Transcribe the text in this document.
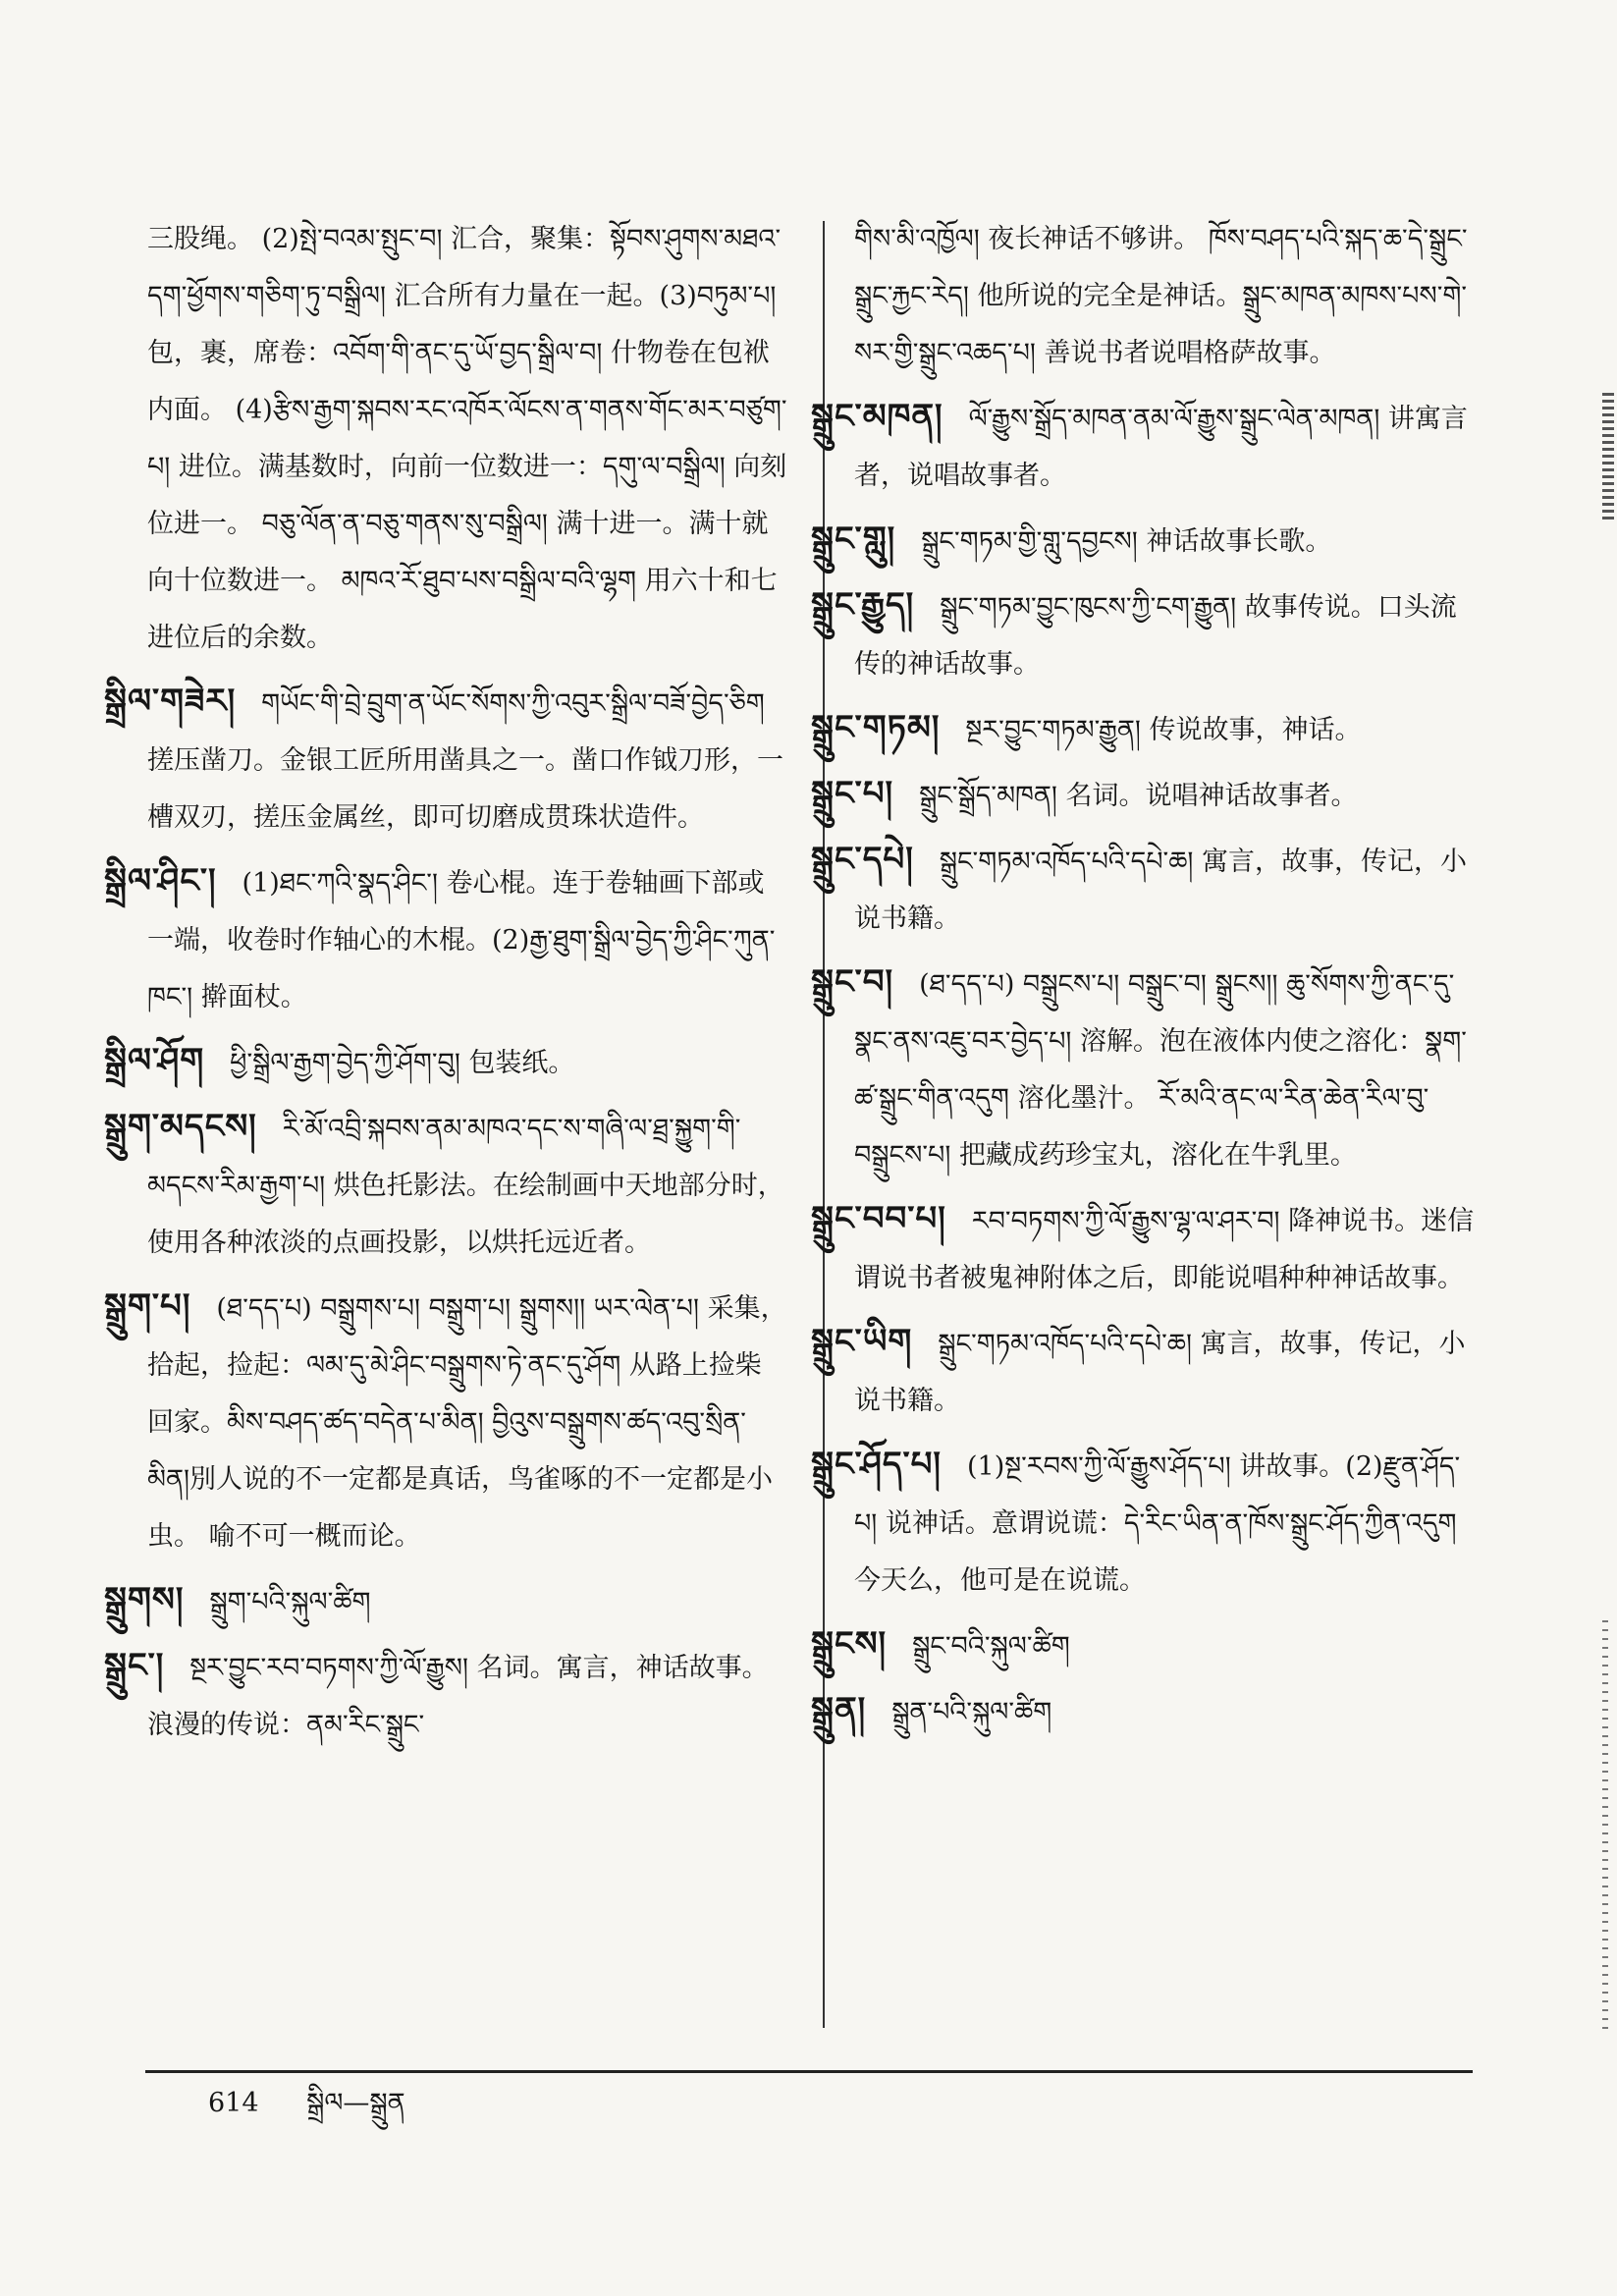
三股绳。 (2)སྤེ་བའམ་སྤུང་བ། 汇合，聚集：སྟོབས་ཤུགས་མཐའ་དག་ཕྱོགས་གཅིག་ཏུ་བསྒྲིལ། 汇合所有力量在一起。(3)བཏུམ་པ། 包，裹，席卷：འབོག་གི་ནང་དུ་ཡོ་བྱད་སྒྲིལ་བ། 什物卷在包袱内面。 (4)རྩིས་རྒྱག་སྐབས་རང་འཁོར་ལོངས་ན་གནས་གོང་མར་བཙུག་པ། 进位。满基数时，向前一位数进一：དགུ་ལ་བསྒྲིལ། 向刻位进一。 བཅུ་ལོན་ན་བཅུ་གནས་སུ་བསྒྲིལ། 满十进一。满十就向十位数进一。 མཁའ་རོ་ཐུབ་པས་བསྒྲིལ་བའི་ལྷག 用六十和七进位后的余数。

སྒྲིལ་གཟེར། གཡོང་གི་བྲེ་བྲུག་ན་ཡོང་སོགས་ཀྱི་འབུར་སྒྲིལ་བཟོ་བྱེད་ཅིག 搓压凿刀。金银工匠所用凿具之一。凿口作钺刀形，一槽双刃，搓压金属丝，即可切磨成贯珠状造件。

སྒྲིལ་ཤིང་། (1)ཐང་ཀའི་སྣད་ཤིང་། 卷心棍。连于卷轴画下部或一端，收卷时作轴心的木棍。(2)རྒྱ་ཐུག་སྒྲིལ་བྱེད་ཀྱི་ཤིང་ཀུན་ཁང་། 擀面杖。

སྒྲིལ་ཤོག ཕྱི་སྒྲིལ་རྒྱག་བྱེད་ཀྱི་ཤོག་བུ། 包装纸。

སྒྲུག་མདངས། རི་མོ་འབྲི་སྐབས་ནམ་མཁའ་དང་ས་གཞི་ལ་ཐྲ་སྐྱུག་གི་མདངས་རིམ་རྒྱག་པ། 烘色托影法。在绘制画中天地部分时，使用各种浓淡的点画投影，以烘托远近者。

སྒྲུག་པ། (ཐ་དད་པ) བསྒྲུགས་པ། བསྒྲུག་པ། སྒྲུགས།། ཡར་ལེན་པ། 采集，拾起，捡起：ལམ་དུ་མེ་ཤིང་བསྒྲུགས་ཏེ་ནང་དུ་ཤོག 从路上捡柴回家。མིས་བཤད་ཚད་བདེན་པ་མིན། བྱིའུས་བསྒྲུགས་ཚད་འབུ་སྲིན་མིན།別人说的不一定都是真话，鸟雀啄的不一定都是小虫。 喻不可一概而论。

སྒྲུགས། སྒྲུག་པའི་སྐུལ་ཚིག

སྒྲུང་། སྔར་བྱུང་རབ་བཏགས་ཀྱི་ལོ་རྒྱུས། 名词。寓言，神话故事。浪漫的传说：ནམ་རིང་སྒྲུང་

གིས་མི་འཁྱོལ། 夜长神话不够讲。 ཁོས་བཤད་པའི་སྐད་ཆ་དེ་སྒྲུང་སྒྲུང་རྐྱང་རེད། 他所说的完全是神话。སྒྲུང་མཁན་མཁས་པས་གེ་སར་གྱི་སྒྲུང་འཆད་པ། 善说书者说唱格萨故事。

སྒྲུང་མཁན། ལོ་རྒྱུས་སྒྲོད་མཁན་ནམ་ལོ་རྒྱུས་སྒྲུང་ལེན་མཁན། 讲寓言者，说唱故事者。

སྒྲུང་གླུ། སྒྲུང་གཏམ་གྱི་གླུ་དབྱངས། 神话故事长歌。

སྒྲུང་རྒྱུད། སྒྲུང་གཏམ་བྱུང་ཁུངས་ཀྱི་ངག་རྒྱུན། 故事传说。口头流传的神话故事。

སྒྲུང་གཏམ། སྔར་བྱུང་གཏམ་རྒྱུན། 传说故事，神话。

སྒྲུང་པ། སྒྲུང་སྒྲོད་མཁན། 名词。说唱神话故事者。

སྒྲུང་དཔེ། སྒྲུང་གཏམ་འཁོད་པའི་དཔེ་ཆ། 寓言，故事，传记，小说书籍。

སྒྲུང་བ། (ཐ་དད་པ) བསྒྲུངས་པ། བསྒྲུང་བ། སྒྲུངས།། ཆུ་སོགས་ཀྱི་ནང་དུ་སྣང་ནས་འཇུ་བར་བྱེད་པ། 溶解。泡在液体内使之溶化：སྣག་ཚ་སྒྲུང་གིན་འདུག 溶化墨汁。 རོ་མའི་ནང་ལ་རིན་ཆེན་རིལ་བུ་བསྒྲུངས་པ། 把藏成药珍宝丸，溶化在牛乳里。

སྒྲུང་བབ་པ། རབ་བཏགས་ཀྱི་ལོ་རྒྱུས་ལྷ་ལ་ཤར་བ། 降神说书。迷信谓说书者被鬼神附体之后，即能说唱种种神话故事。

སྒྲུང་ཡིག སྒྲུང་གཏམ་འཁོད་པའི་དཔེ་ཆ། 寓言，故事，传记，小说书籍。

སྒྲུང་ཤོད་པ། (1)སྔ་རབས་ཀྱི་ལོ་རྒྱུས་ཤོད་པ། 讲故事。(2)རྫུན་ཤོད་པ། 说神话。意谓说谎：དེ་རིང་ཡིན་ན་ཁོས་སྒྲུང་ཤོད་ཀྱིན་འདུག 今天么，他可是在说谎。

སྒྲུངས། སྒྲུང་བའི་སྐུལ་ཚིག

སྒྲུན། སྒྲུན་པའི་སྐུལ་ཚིག

614 སྒྲིལ—སྒྲུན
